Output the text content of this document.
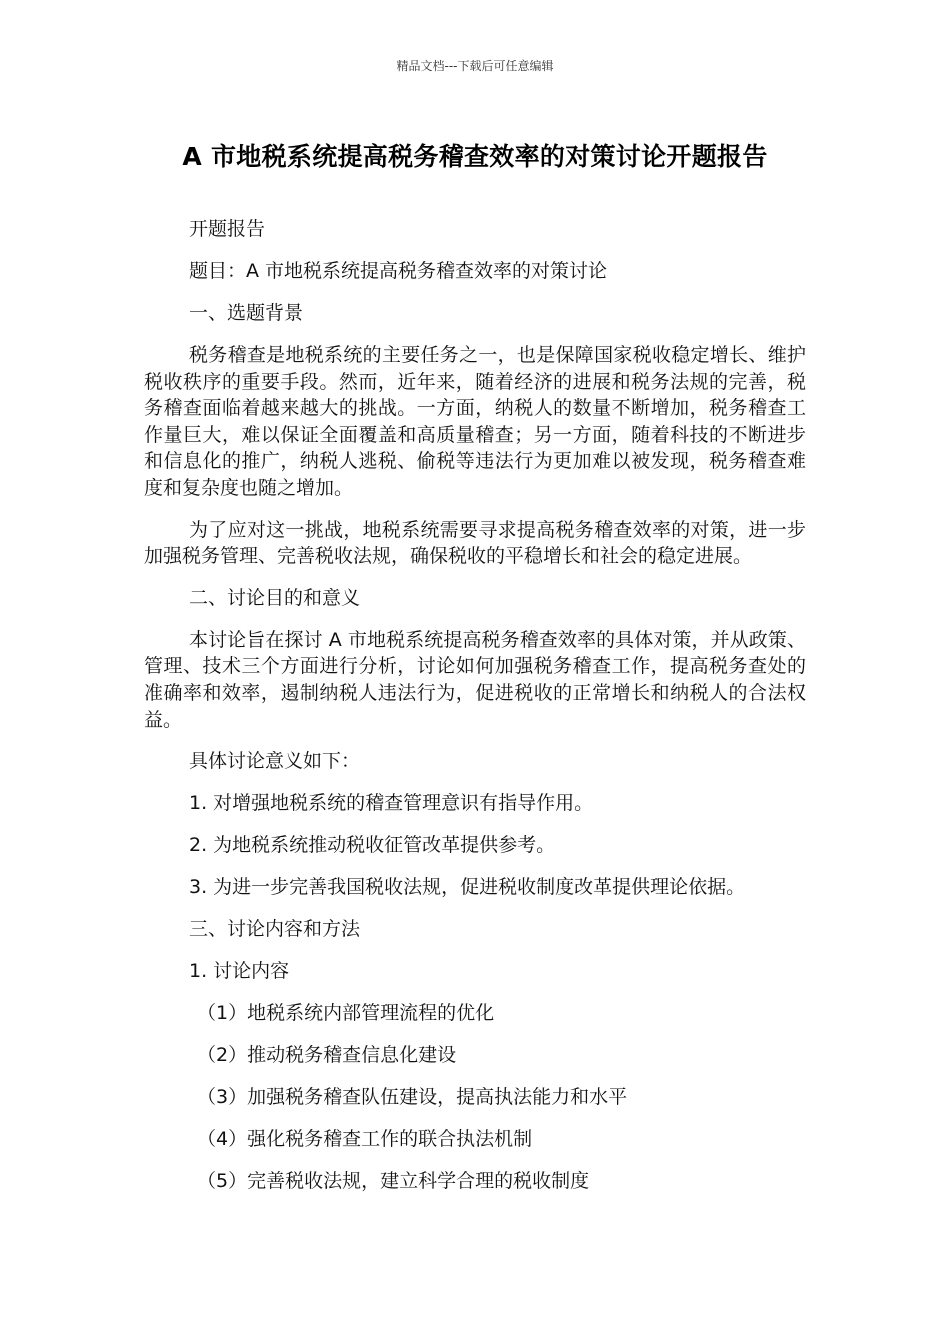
精品文档---下载后可任意编辑
A 市地税系统提高税务稽查效率的对策讨论开题报告
开题报告
题目：A 市地税系统提高税务稽查效率的对策讨论
一、选题背景
税务稽查是地税系统的主要任务之一，也是保障国家税收稳定增长、维护税收秩序的重要手段。然而，近年来，随着经济的进展和税务法规的完善，税务稽查面临着越来越大的挑战。一方面，纳税人的数量不断增加，税务稽查工作量巨大，难以保证全面覆盖和高质量稽查；另一方面，随着科技的不断进步和信息化的推广，纳税人逃税、偷税等违法行为更加难以被发现，税务稽查难度和复杂度也随之增加。
为了应对这一挑战，地税系统需要寻求提高税务稽查效率的对策，进一步加强税务管理、完善税收法规，确保税收的平稳增长和社会的稳定进展。
二、讨论目的和意义
本讨论旨在探讨 A 市地税系统提高税务稽查效率的具体对策，并从政策、管理、技术三个方面进行分析，讨论如何加强税务稽查工作，提高税务查处的准确率和效率，遏制纳税人违法行为，促进税收的正常增长和纳税人的合法权益。
具体讨论意义如下：
1. 对增强地税系统的稽查管理意识有指导作用。
2. 为地税系统推动税收征管改革提供参考。
3. 为进一步完善我国税收法规，促进税收制度改革提供理论依据。
三、讨论内容和方法
1. 讨论内容
（1）地税系统内部管理流程的优化
（2）推动税务稽查信息化建设
（3）加强税务稽查队伍建设，提高执法能力和水平
（4）强化税务稽查工作的联合执法机制
（5）完善税收法规，建立科学合理的税收制度
